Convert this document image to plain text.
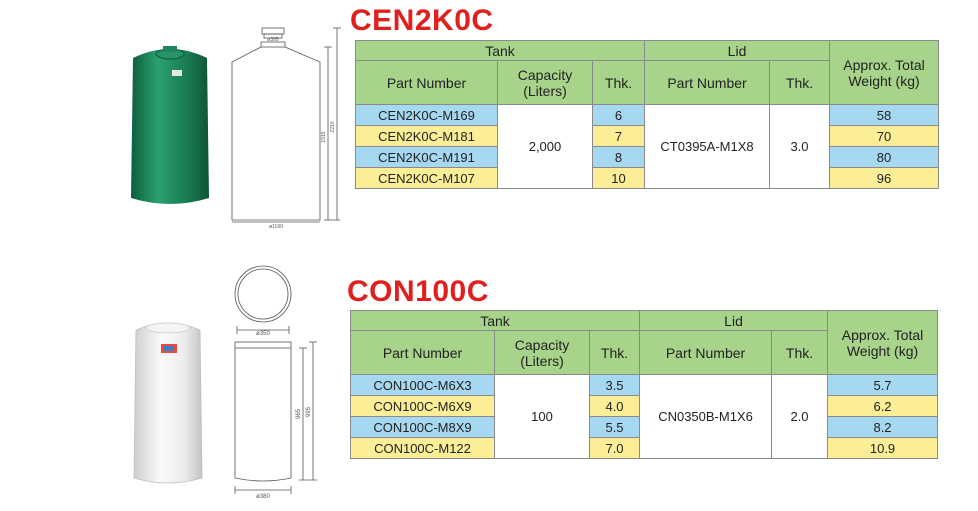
ø395
ø1160
1915
2210
CEN2K0C
Tank			Lid		Approx. Total Weight (kg)
Part Number	Capacity (Liters)	Thk.	Part Number	Thk.	
CEN2K0C-M169	2,000	6	CT0395A-M1X8	3.0	58
CEN2K0C-M181		7			70
CEN2K0C-M191		8			80
CEN2K0C-M107		10			96
ø350
ø380
965 995
CON100C
Tank			Lid		Approx. Total Weight (kg)
Part Number	Capacity (Liters)	Thk.	Part Number	Thk.	
CON100C-M6X3	100	3.5	CN0350B-M1X6	2.0	5.7
CON100C-M6X9		4.0			6.2
CON100C-M8X9		5.5			8.2
CON100C-M122		7.0			10.9
